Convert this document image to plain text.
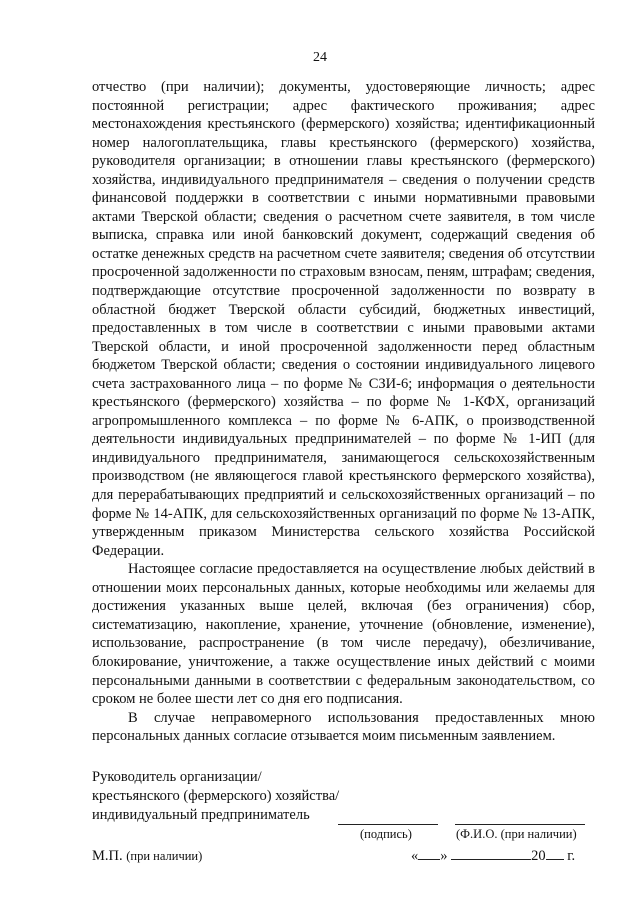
24

отчество (при наличии); документы, удостоверяющие личность; адрес постоянной регистрации; адрес фактического проживания; адрес местонахождения крестьянского (фермерского) хозяйства; идентификационный номер налогоплательщика, главы крестьянского (фермерского) хозяйства, руководителя организации; в отношении главы крестьянского (фермерского) хозяйства, индивидуального предпринимателя – сведения о получении средств финансовой поддержки в соответствии с иными нормативными правовыми актами Тверской области; сведения о расчетном счете заявителя, в том числе выписка, справка или иной банковский документ, содержащий сведения об остатке денежных средств на расчетном счете заявителя; сведения об отсутствии просроченной задолженности по страховым взносам, пеням, штрафам; сведения, подтверждающие отсутствие просроченной задолженности по возврату в областной бюджет Тверской области субсидий, бюджетных инвестиций, предоставленных в том числе в соответствии с иными правовыми актами Тверской области, и иной просроченной задолженности перед областным бюджетом Тверской области; сведения о состоянии индивидуального лицевого счета застрахованного лица – по форме № СЗИ-6; информация о деятельности крестьянского (фермерского) хозяйства – по форме № 1-КФХ, организаций агропромышленного комплекса – по форме № 6-АПК, о производственной деятельности индивидуальных предпринимателей – по форме № 1-ИП (для индивидуального предпринимателя, занимающегося сельскохозяйственным производством (не являющегося главой крестьянского фермерского хозяйства), для перерабатывающих предприятий и сельскохозяйственных организаций – по форме № 14-АПК, для сельскохозяйственных организаций по форме № 13-АПК, утвержденным приказом Министерства сельского хозяйства Российской Федерации.

Настоящее согласие предоставляется на осуществление любых действий в отношении моих персональных данных, которые необходимы или желаемы для достижения указанных выше целей, включая (без ограничения) сбор, систематизацию, накопление, хранение, уточнение (обновление, изменение), использование, распространение (в том числе передачу), обезличивание, блокирование, уничтожение, а также осуществление иных действий с моими персональными данными в соответствии с федеральным законодательством, со сроком не более шести лет со дня его подписания.

В случае неправомерного использования предоставленных мною персональных данных согласие отзывается моим письменным заявлением.

Руководитель организации/
крестьянского (фермерского) хозяйства/
индивидуальный предприниматель
(подпись)	(Ф.И.О. (при наличии)
М.П. (при наличии)	« »	20 г.
